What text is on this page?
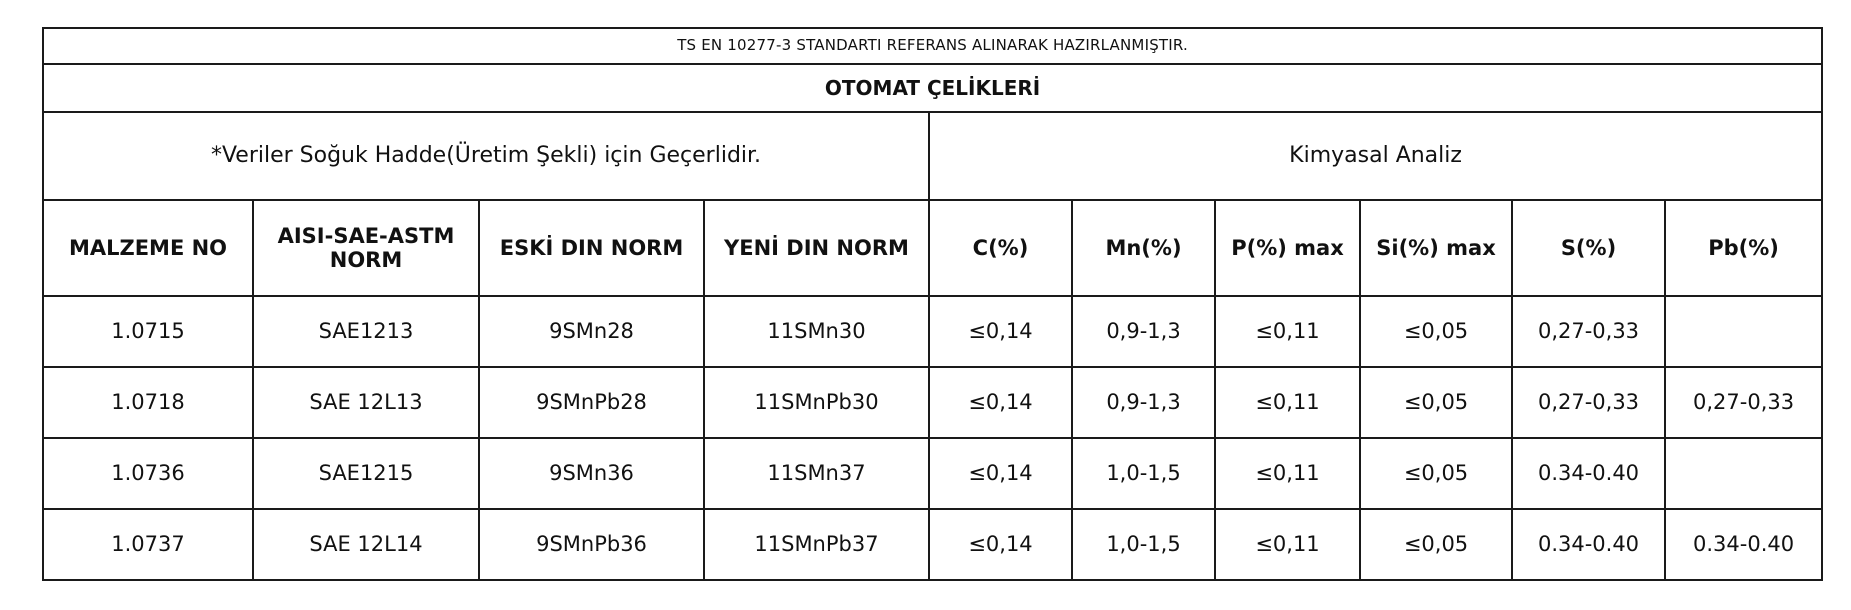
TS EN 10277-3 STANDARTI REFERANS ALINARAK HAZIRLANMIŞTIR.									
OTOMAT ÇELİKLERİ									
*Veriler Soğuk Hadde(Üretim Şekli) için Geçerlidir.				Kimyasal Analiz					
MALZEME NO	AISI-SAE-ASTM NORM	ESKİ DIN NORM	YENİ DIN NORM	C(%)	Mn(%)	P(%) max	Si(%) max	S(%)	Pb(%)
1.0715	SAE1213	9SMn28	11SMn30	≤0,14	0,9-1,3	≤0,11	≤0,05	0,27-0,33	
1.0718	SAE 12L13	9SMnPb28	11SMnPb30	≤0,14	0,9-1,3	≤0,11	≤0,05	0,27-0,33	0,27-0,33
1.0736	SAE1215	9SMn36	11SMn37	≤0,14	1,0-1,5	≤0,11	≤0,05	0.34-0.40	
1.0737	SAE 12L14	9SMnPb36	11SMnPb37	≤0,14	1,0-1,5	≤0,11	≤0,05	0.34-0.40	0.34-0.40
